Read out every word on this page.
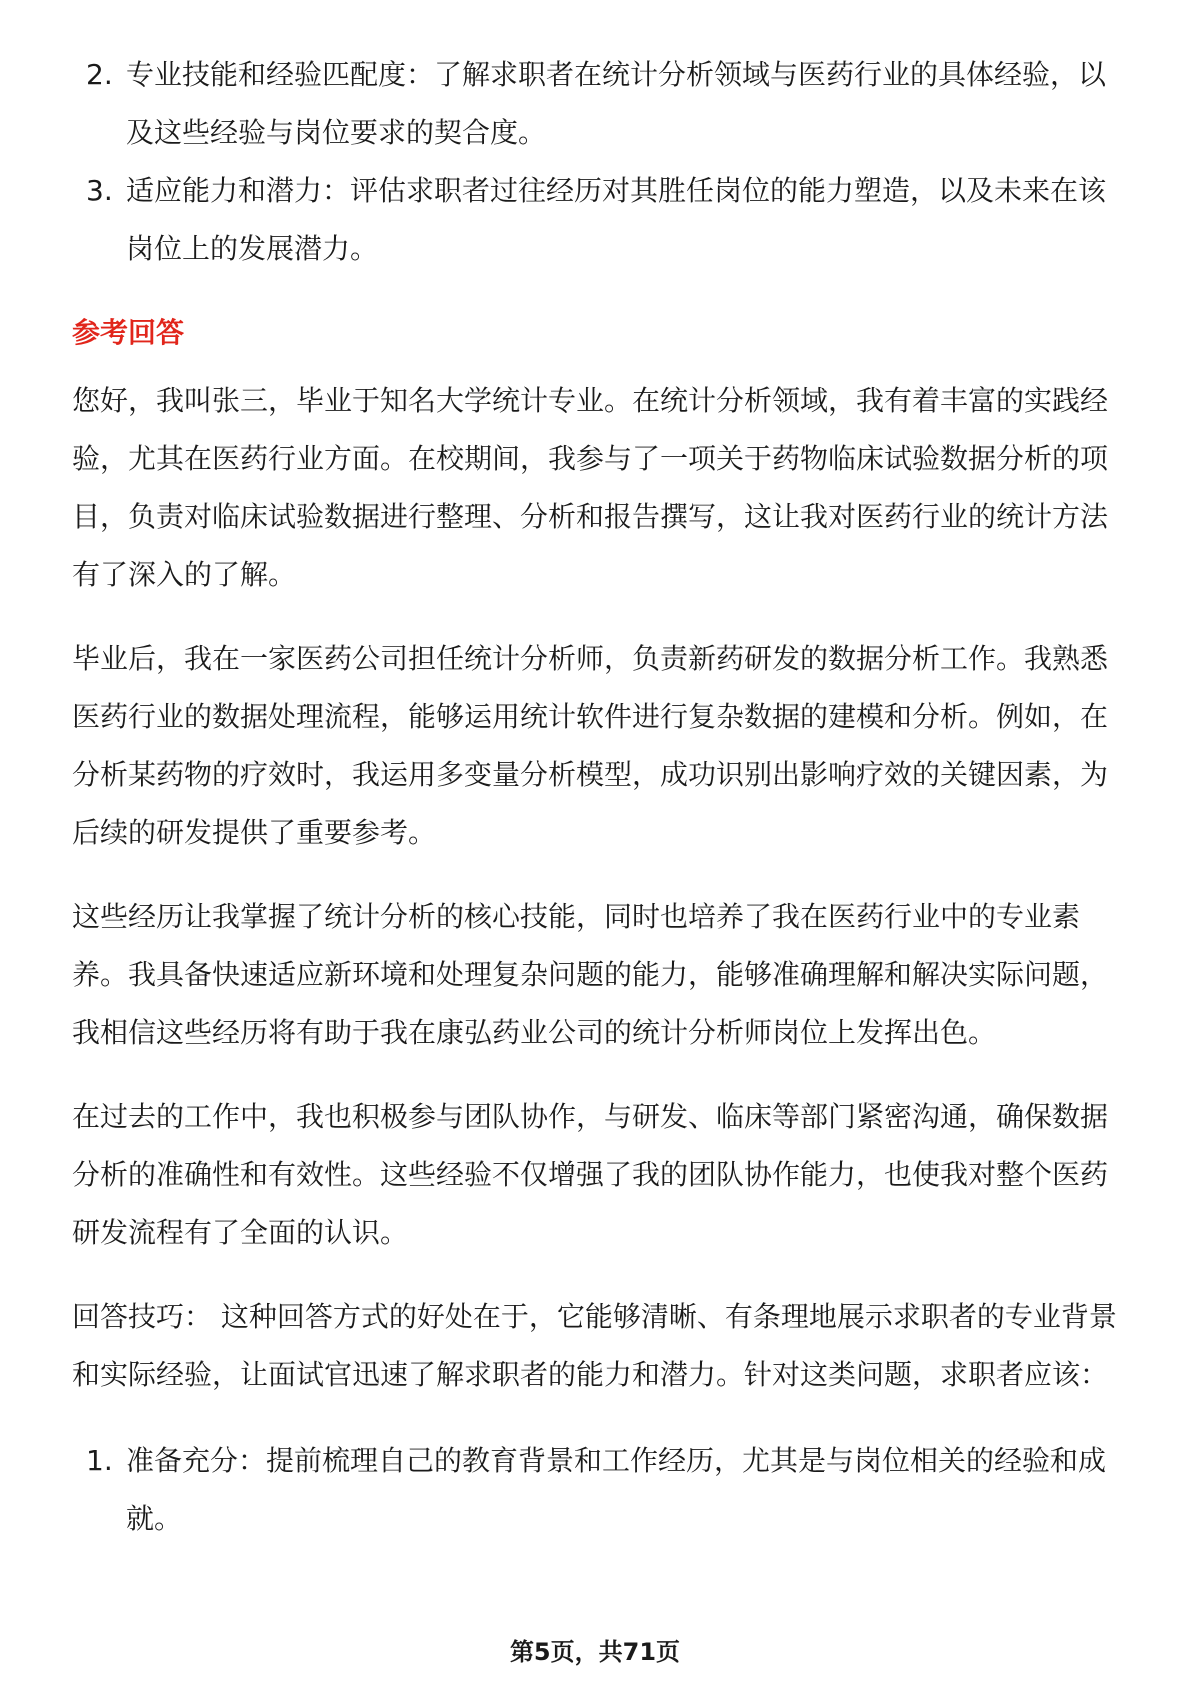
2. 专业技能和经验匹配度：了解求职者在统计分析领域与医药行业的具体经验，以及这些经验与岗位要求的契合度。
3. 适应能力和潜力：评估求职者过往经历对其胜任岗位的能力塑造，以及未来在该岗位上的发展潜力。
参考回答

您好，我叫张三，毕业于知名大学统计专业。在统计分析领域，我有着丰富的实践经验，尤其在医药行业方面。在校期间，我参与了一项关于药物临床试验数据分析的项目，负责对临床试验数据进行整理、分析和报告撰写，这让我对医药行业的统计方法有了深入的了解。

毕业后，我在一家医药公司担任统计分析师，负责新药研发的数据分析工作。我熟悉医药行业的数据处理流程，能够运用统计软件进行复杂数据的建模和分析。例如，在分析某药物的疗效时，我运用多变量分析模型，成功识别出影响疗效的关键因素，为后续的研发提供了重要参考。

这些经历让我掌握了统计分析的核心技能，同时也培养了我在医药行业中的专业素养。我具备快速适应新环境和处理复杂问题的能力，能够准确理解和解决实际问题，我相信这些经历将有助于我在康弘药业公司的统计分析师岗位上发挥出色。

在过去的工作中，我也积极参与团队协作，与研发、临床等部门紧密沟通，确保数据分析的准确性和有效性。这些经验不仅增强了我的团队协作能力，也使我对整个医药研发流程有了全面的认识。

回答技巧： 这种回答方式的好处在于，它能够清晰、有条理地展示求职者的专业背景和实际经验，让面试官迅速了解求职者的能力和潜力。针对这类问题，求职者应该：

1. 准备充分：提前梳理自己的教育背景和工作经历，尤其是与岗位相关的经验和成就。
第5页，共71页
